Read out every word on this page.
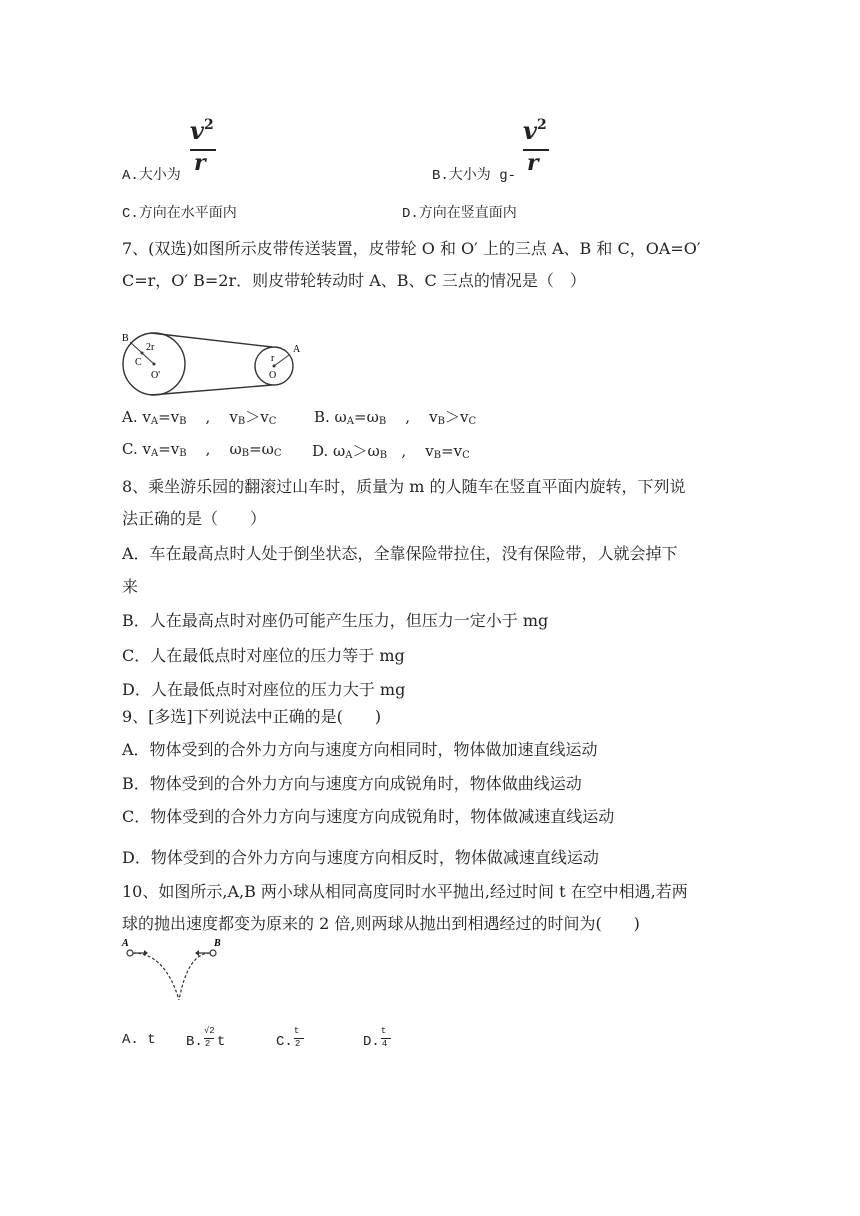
$v^2$
r
A.大小为
$v^2$
r
B.大小为 g-
C.方向在水平面内	D.方向在竖直面内
7、(双选)如图所示皮带传送装置，皮带轮 O 和 O′ 上的三点 A、B 和 C，OA=O′
C=r，O′ B=2r．则皮带轮转动时 A、B、C 三点的情况是（　）
B
2r
C
O'
r
A
O
A. $v_A=v_B$    ,    $v_B>v_C$	B. $\omega_A=\omega_B$    ,    $v_B>v_C$
C. $v_A=v_B$    ,    $\omega_B=\omega_C$ D. $\omega_A>\omega_B$   ,    $v_B=v_C$
8、乘坐游乐园的翻滚过山车时，质量为 m 的人随车在竖直平面内旋转，下列说
法正确的是（　　）
A．车在最高点时人处于倒坐状态，全靠保险带拉住，没有保险带，人就会掉下
来
B．人在最高点时对座仍可能产生压力，但压力一定小于 mg
C．人在最低点时对座位的压力等于 mg
D．人在最低点时对座位的压力大于 mg
9、[多选]下列说法中正确的是(　　)
A．物体受到的合外力方向与速度方向相同时，物体做加速直线运动
B．物体受到的合外力方向与速度方向成锐角时，物体做曲线运动
C．物体受到的合外力方向与速度方向成锐角时，物体做减速直线运动
D．物体受到的合外力方向与速度方向相反时，物体做减速直线运动
10、如图所示,A,B 两小球从相同高度同时水平抛出,经过时间 t 在空中相遇,若两
球的抛出速度都变为原来的 2 倍,则两球从抛出到相遇经过的时间为(　　)
A	B
A. t B. $\frac{√2}{2}$ t	C. $\frac{t}{2}$	D. $\frac{t}{4}$
